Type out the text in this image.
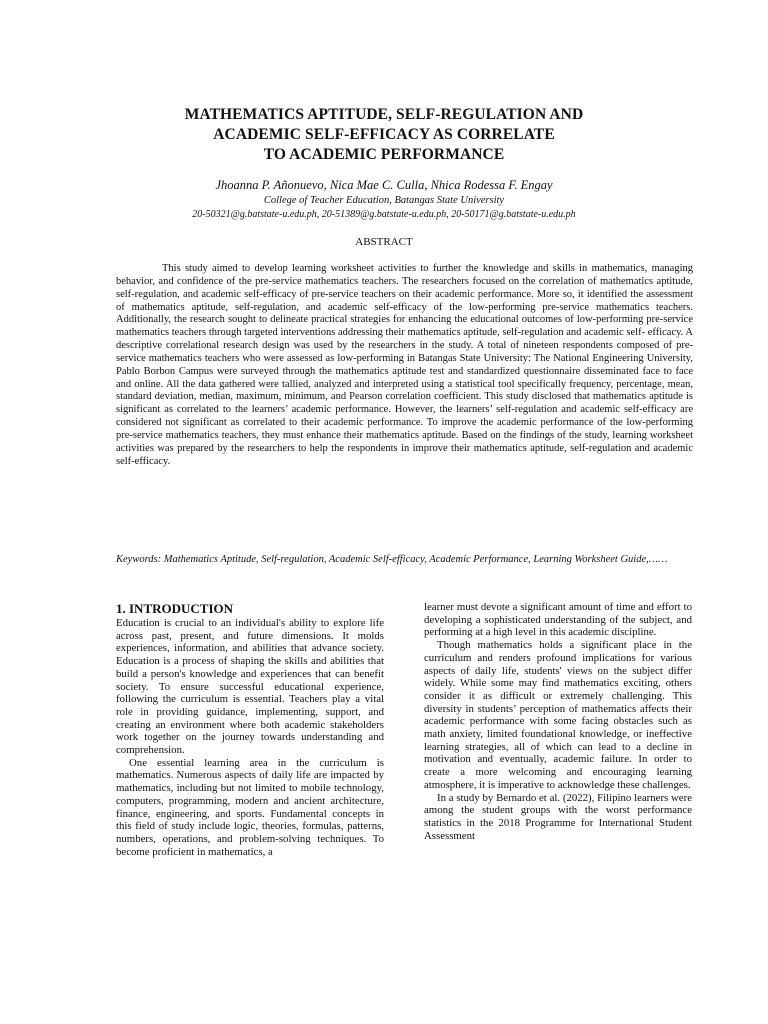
MATHEMATICS APTITUDE, SELF-REGULATION AND
ACADEMIC SELF-EFFICACY AS CORRELATE
TO ACADEMIC PERFORMANCE
Jhoanna P. Añonuevo, Nica Mae C. Culla, Nhica Rodessa F. Engay
College of Teacher Education, Batangas State University
20-50321@g.batstate-u.edu.ph, 20-51389@g.batstate-u.edu.ph, 20-50171@g.batstate-u.edu.ph
ABSTRACT

This study aimed to develop learning worksheet activities to further the knowledge and skills in mathematics, managing behavior, and confidence of the pre-service mathematics teachers. The researchers focused on the correlation of mathematics aptitude, self-regulation, and academic self-efficacy of pre-service teachers on their academic performance. More so, it identified the assessment of mathematics aptitude, self-regulation, and academic self-efficacy of the low-performing pre-service mathematics teachers. Additionally, the research sought to delineate practical strategies for enhancing the educational outcomes of low-performing pre-service mathematics teachers through targeted interventions addressing their mathematics aptitude, self-regulation and academic self- efficacy. A descriptive correlational research design was used by the researchers in the study. A total of nineteen respondents composed of pre-service mathematics teachers who were assessed as low-performing in Batangas State University: The National Engineering University, Pablo Borbon Campus were surveyed through the mathematics aptitude test and standardized questionnaire disseminated face to face and online. All the data gathered were tallied, analyzed and interpreted using a statistical tool specifically frequency, percentage, mean, standard deviation, median, maximum, minimum, and Pearson correlation coefficient. This study disclosed that mathematics aptitude is significant as correlated to the learners’ academic performance. However, the learners’ self-regulation and academic self-efficacy are considered not significant as correlated to their academic performance. To improve the academic performance of the low-performing pre-service mathematics teachers, they must enhance their mathematics aptitude. Based on the findings of the study, learning worksheet activities was prepared by the researchers to help the respondents in improve their mathematics aptitude, self-regulation and academic self-efficacy.

Keywords: Mathematics Aptitude, Self-regulation, Academic Self-efficacy, Academic Performance, Learning Worksheet Guide,……

1. INTRODUCTION

Education is crucial to an individual's ability to explore life across past, present, and future dimensions. It molds experiences, information, and abilities that advance society. Education is a process of shaping the skills and abilities that build a person's knowledge and experiences that can benefit society. To ensure successful educational experience, following the curriculum is essential. Teachers play a vital role in providing guidance, implementing, support, and creating an environment where both academic stakeholders work together on the journey towards understanding and comprehension.

One essential learning area in the curriculum is mathematics. Numerous aspects of daily life are impacted by mathematics, including but not limited to mobile technology, computers, programming, modern and ancient architecture, finance, engineering, and sports. Fundamental concepts in this field of study include logic, theories, formulas, patterns, numbers, operations, and problem-solving techniques. To become proficient in mathematics, a

learner must devote a significant amount of time and effort to developing a sophisticated understanding of the subject, and performing at a high level in this academic discipline.

Though mathematics holds a significant place in the curriculum and renders profound implications for various aspects of daily life, students' views on the subject differ widely. While some may find mathematics exciting, others consider it as difficult or extremely challenging. This diversity in students’ perception of mathematics affects their academic performance with some facing obstacles such as math anxiety, limited foundational knowledge, or ineffective learning strategies, all of which can lead to a decline in motivation and eventually, academic failure. In order to create a more welcoming and encouraging learning atmosphere, it is imperative to acknowledge these challenges.

In a study by Bernardo et al. (2022), Filipino learners were among the student groups with the worst performance statistics in the 2018 Programme for International Student Assessment
